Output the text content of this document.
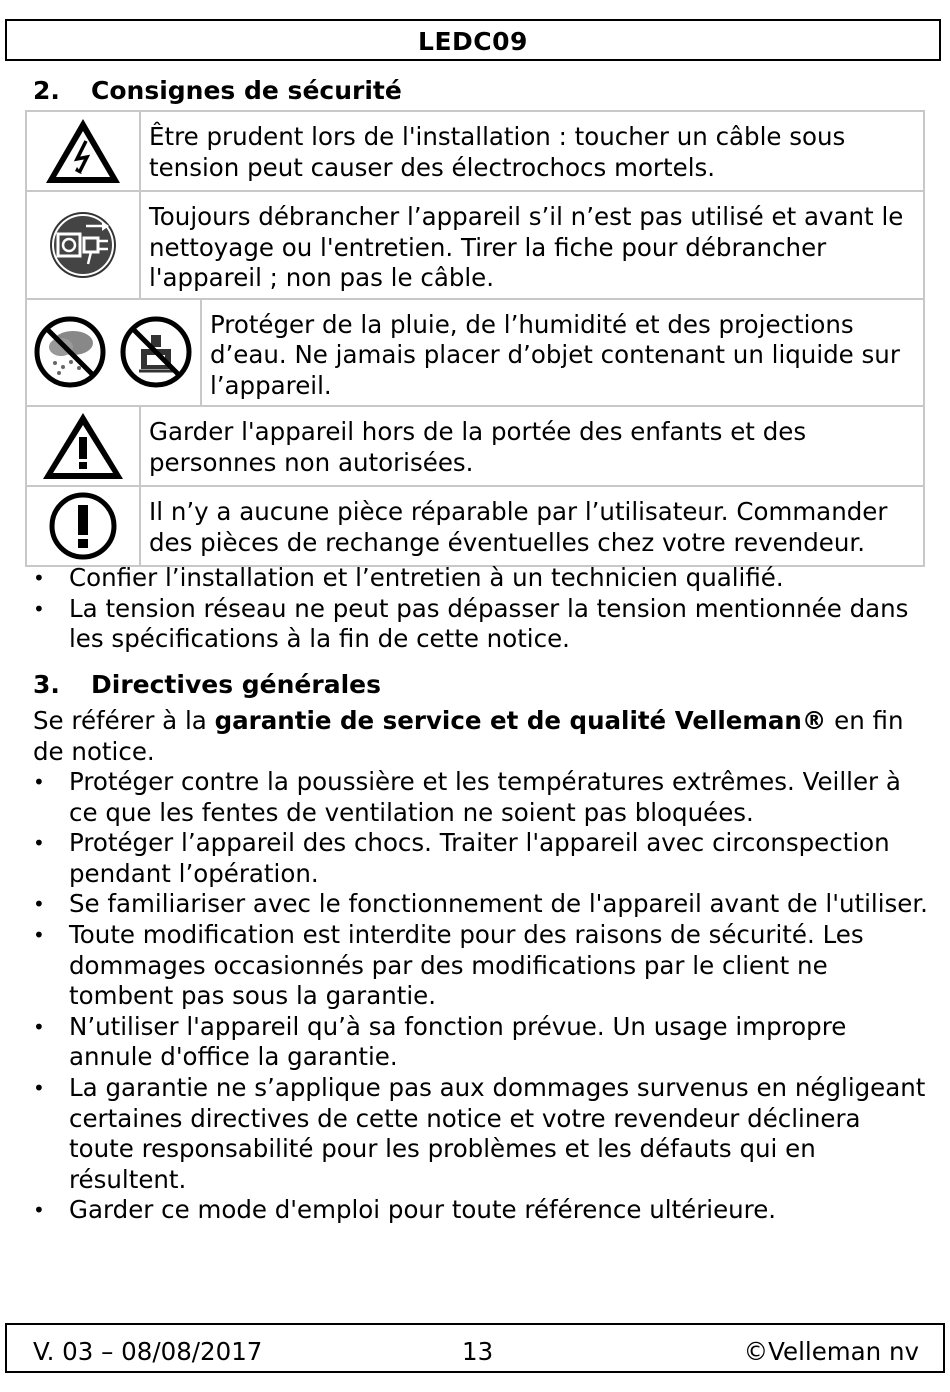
LEDC09
2. Consignes de sécurité

Être prudent lors de l'installation : toucher un câble sous tension peut causer des électrochocs mortels.	

Toujours débrancher l’appareil s’il n’est pas utilisé et avant le nettoyage ou l'entretien. Tirer la fiche pour débrancher l'appareil ; non pas le câble.	

Protéger de la pluie, de l’humidité et des projections d’eau. Ne jamais placer d’objet contenant un liquide sur l’appareil.

Garder l'appareil hors de la portée des enfants et des personnes non autorisées.	

Il n’y a aucune pièce réparable par l’utilisateur. Commander des pièces de rechange éventuelles chez votre revendeur.	
• Confier l’installation et l’entretien à un technicien qualifié.
• La tension réseau ne peut pas dépasser la tension mentionnée dans les spécifications à la fin de cette notice.
3. Directives générales
Se référer à la garantie de service et de qualité Velleman® en fin de notice.
• Protéger contre la poussière et les températures extrêmes. Veiller à ce que les fentes de ventilation ne soient pas bloquées.
• Protéger l’appareil des chocs. Traiter l'appareil avec circonspection pendant l’opération.
• Se familiariser avec le fonctionnement de l'appareil avant de l'utiliser.
• Toute modification est interdite pour des raisons de sécurité. Les dommages occasionnés par des modifications par le client ne tombent pas sous la garantie.
• N’utiliser l'appareil qu’à sa fonction prévue. Un usage impropre annule d'office la garantie.
• La garantie ne s’applique pas aux dommages survenus en négligeant certaines directives de cette notice et votre revendeur déclinera toute responsabilité pour les problèmes et les défauts qui en résultent.
• Garder ce mode d'emploi pour toute référence ultérieure.
V. 03 – 08/08/2017	13	©Velleman nv
